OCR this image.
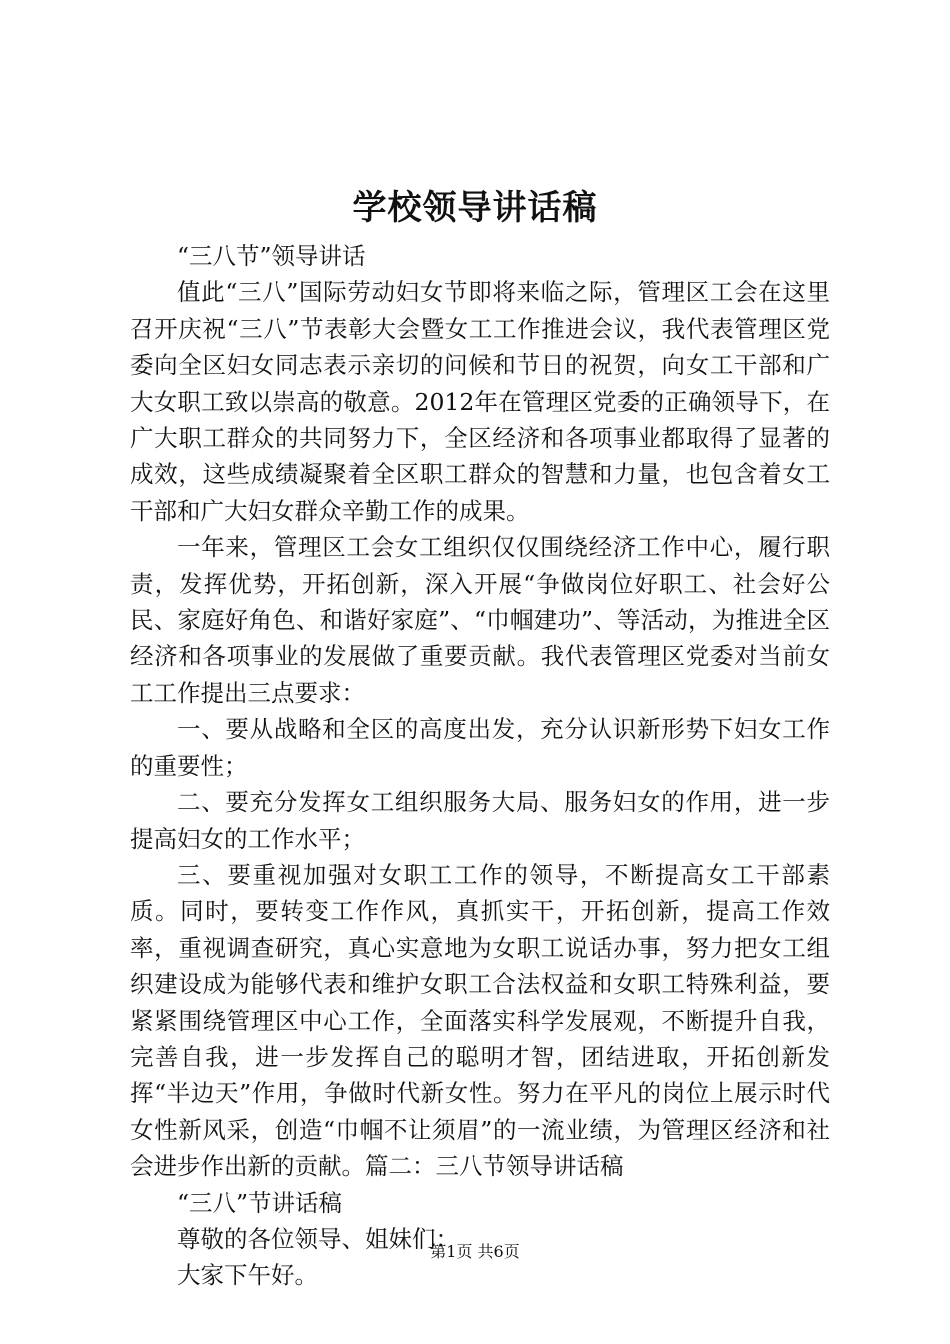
学校领导讲话稿

“三八节”领导讲话

值此“三八”国际劳动妇女节即将来临之际，管理区工会在这里召开庆祝“三八”节表彰大会暨女工工作推进会议，我代表管理区党委向全区妇女同志表示亲切的问候和节日的祝贺，向女工干部和广大女职工致以崇高的敬意。2012年在管理区党委的正确领导下，在广大职工群众的共同努力下，全区经济和各项事业都取得了显著的成效，这些成绩凝聚着全区职工群众的智慧和力量，也包含着女工干部和广大妇女群众辛勤工作的成果。

一年来，管理区工会女工组织仅仅围绕经济工作中心，履行职责，发挥优势，开拓创新，深入开展“争做岗位好职工、社会好公民、家庭好角色、和谐好家庭”、“巾帼建功”、等活动，为推进全区经济和各项事业的发展做了重要贡献。我代表管理区党委对当前女工工作提出三点要求：

一、要从战略和全区的高度出发，充分认识新形势下妇女工作的重要性；

二、要充分发挥女工组织服务大局、服务妇女的作用，进一步提高妇女的工作水平；

三、要重视加强对女职工工作的领导，不断提高女工干部素质。同时，要转变工作作风，真抓实干，开拓创新，提高工作效率，重视调查研究，真心实意地为女职工说话办事，努力把女工组织建设成为能够代表和维护女职工合法权益和女职工特殊利益，要紧紧围绕管理区中心工作，全面落实科学发展观，不断提升自我，完善自我，进一步发挥自己的聪明才智，团结进取，开拓创新发挥“半边天”作用，争做时代新女性。努力在平凡的岗位上展示时代女性新风采，创造“巾帼不让须眉”的一流业绩，为管理区经济和社会进步作出新的贡献。篇二：三八节领导讲话稿

“三八”节讲话稿

尊敬的各位领导、姐妹们：

大家下午好。

第1页 共6页
